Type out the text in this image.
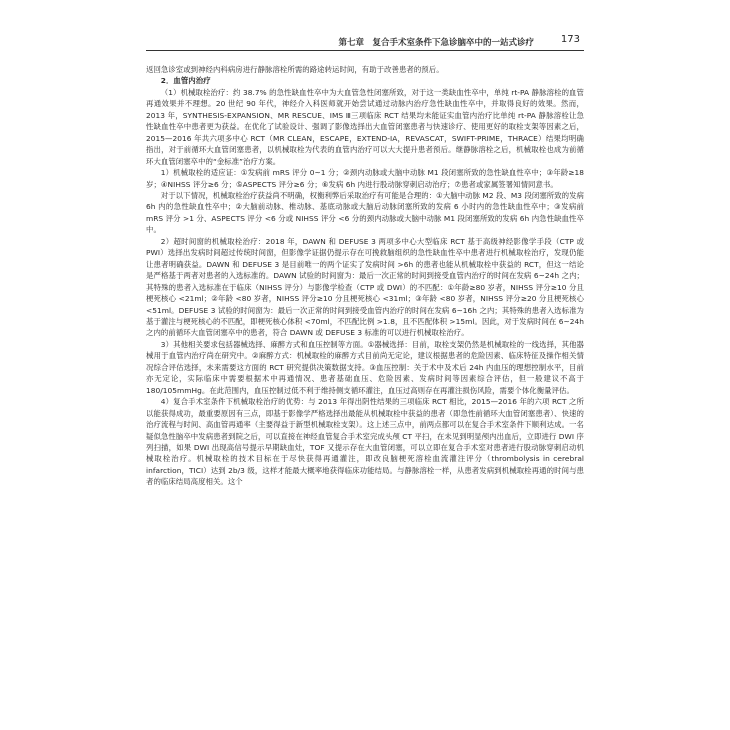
第七章　复合手术室条件下急诊脑卒中的一站式诊疗	173

返回急诊室或到神经内科病房进行静脉溶栓所需的路途转运时间，有助于改善患者的预后。

2．血管内治疗

（1）机械取栓治疗：约 38.7% 的急性缺血性卒中为大血管急性闭塞所致，对于这一类缺血性卒中，单纯 rt-PA 静脉溶栓的血管再通效果并不理想。20 世纪 90 年代，神经介入科医师就开始尝试通过动脉内治疗急性缺血性卒中，并取得良好的效果。然而，2013 年，SYNTHESIS-EXPANSION、MR RESCUE、IMS Ⅲ三项临床 RCT 结果均未能证实血管内治疗比单纯 rt-PA 静脉溶栓让急性缺血性卒中患者更为获益。在优化了试验设计、强调了影像选择出大血管闭塞患者与快速诊疗、使用更好的取栓支架等因素之后，2015—2016 年共六项多中心 RCT（MR CLEAN，ESCAPE，EXTEND-IA，REVASCAT，SWIFT-PRIME，THRACE）结果均明确指出，对于前循环大血管闭塞患者，以机械取栓为代表的血管内治疗可以大大提升患者预后。继静脉溶栓之后，机械取栓也成为前循环大血管闭塞卒中的“金标准”治疗方案。

1）机械取栓的适应证：①发病前 mRS 评分 0~1 分；②颈内动脉或大脑中动脉 M1 段闭塞所致的急性缺血性卒中；③年龄≥18 岁；④NIHSS 评分≥6 分；⑤ASPECTS 评分≥6 分；⑥发病 6h 内进行股动脉穿刺启动治疗；⑦患者或家属签署知情同意书。

对于以下情况，机械取栓治疗获益尚不明确，权衡利弊后采取治疗有可能是合理的：①大脑中动脉 M2 段、M3 段闭塞所致的发病 6h 内的急性缺血性卒中；②大脑前动脉、椎动脉、基底动脉或大脑后动脉闭塞所致的发病 6 小时内的急性缺血性卒中；③发病前 mRS 评分 >1 分、ASPECTS 评分 <6 分或 NIHSS 评分 <6 分的颈内动脉或大脑中动脉 M1 段闭塞所致的发病 6h 内急性缺血性卒中。

2）超时间窗的机械取栓治疗：2018 年，DAWN 和 DEFUSE 3 两项多中心大型临床 RCT 基于高级神经影像学手段（CTP 或 PWI）选择出发病时间超过传统时间窗，但影像学证据仍提示存在可挽救脑组织的急性缺血性卒中患者进行机械取栓治疗，发现仍能让患者明确获益。DAWN 和 DEFUSE 3 是目前唯一的两个证实了发病时间 >6h 的患者也能从机械取栓中获益的 RCT，但这一结论是严格基于两者对患者的入选标准的。DAWN 试验的时间窗为：最后一次正常的时间到接受血管内治疗的时间在发病 6~24h 之内；其特殊的患者入选标准在于临床（NIHSS 评分）与影像学检查（CTP 或 DWI）的不匹配：①年龄≥80 岁者，NIHSS 评分≥10 分且梗死核心 <21ml；②年龄 <80 岁者，NIHSS 评分≥10 分且梗死核心 <31ml；③年龄 <80 岁者，NIHSS 评分≥20 分且梗死核心 <51ml。DEFUSE 3 试验的时间窗为：最后一次正常的时间到接受血管内治疗的时间在发病 6~16h 之内；其特殊的患者入选标准为基于灌注与梗死核心的不匹配，即梗死核心体积 <70ml，不匹配比例 >1.8，且不匹配体积 >15ml。因此，对于发病时间在 6~24h 之内的前循环大血管闭塞卒中的患者，符合 DAWN 或 DEFUSE 3 标准的可以进行机械取栓治疗。

3）其他相关要求包括器械选择、麻醉方式和血压控制等方面。①器械选择：目前，取栓支架仍然是机械取栓的一线选择，其他器械用于血管内治疗尚在研究中。②麻醉方式：机械取栓的麻醉方式目前尚无定论，建议根据患者的危险因素、临床特征及操作相关情况综合评估选择，未来需要这方面的 RCT 研究提供决策数据支持。③血压控制：关于术中及术后 24h 内血压的理想控制水平，目前亦无定论，实际临床中需要根据术中再通情况、患者基础血压、危险因素、发病时间等因素综合评估，但一般建议不高于 180/105mmHg。在此范围内，血压控制过低不利于维持侧支循环灌注，血压过高则存在再灌注损伤风险，需要个体化衡量评估。

4）复合手术室条件下机械取栓治疗的优势：与 2013 年得出阴性结果的三项临床 RCT 相比，2015—2016 年的六项 RCT 之所以能获得成功，最重要原因有三点，即基于影像学严格选择出最能从机械取栓中获益的患者（即急性前循环大血管闭塞患者）、快速的治疗流程与时间、高血管再通率（主要得益于新型机械取栓支架）。这上述三点中，前两点都可以在复合手术室条件下顺利达成。一名疑似急性脑卒中发病患者到院之后，可以直接在神经血管复合手术室完成头颅 CT 平扫，在未见到明显颅内出血后，立即进行 DWI 序列扫描，如果 DWI 出现高信号提示早期缺血灶，TOF 又提示存在大血管闭塞，可以立即在复合手术室对患者进行股动脉穿刺启动机械取栓治疗。机械取栓的技术目标在于尽快获得再通灌注，即改良脑梗死溶栓血流灌注评分（thrombolysis in cerebral infarction，TICI）达到 2b/3 级，这样才能最大概率地获得临床功能结局。与静脉溶栓一样，从患者发病到机械取栓再通的时间与患者的临床结局高度相关。这个
